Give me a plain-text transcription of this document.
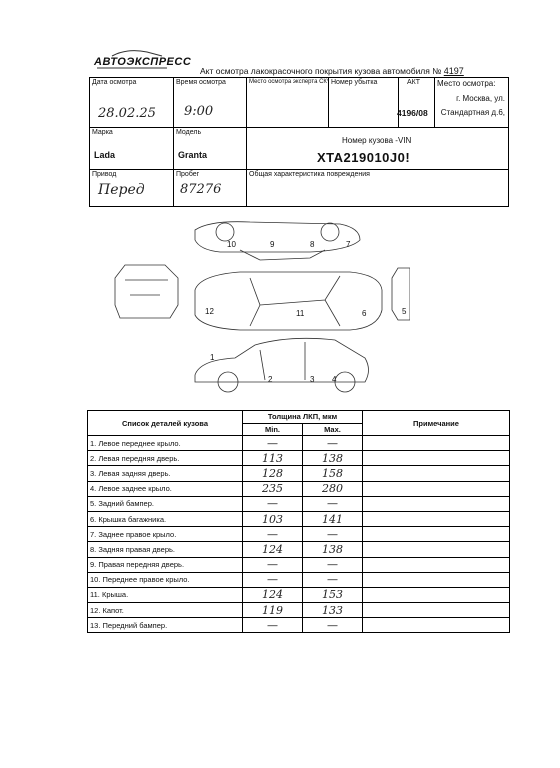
АВТОЭКСПРЕСС
Акт осмотра лакокрасочного покрытия кузова автомобиля № 4197
Дата осмотра
28.02.25
Время осмотра
9:00
Место осмотра эксперта СК* Номер убытка	АКТ
4196/08
Место осмотра:
г. Москва, ул. Стандартная д.6,
Марка
Lada
Модель
Granta
Номер кузова -VIN
XTA219010J0!
Привод
Перед
Пробег
87276
Общая характеристика повреждения
10	9	8	7
12	11	6	5
1
2	3 4
Список деталей кузова	Толщина ЛКП, мкм		Примечание
	Min.	Max.	
1. Левое переднее крыло.	—	—	
2. Левая передняя дверь.	113	138	
3. Левая задняя дверь.	128	158	
4. Левое заднее крыло.	235	280	
5. Задний бампер.	—	—	
6. Крышка багажника.	103	141	
7. Заднее правое крыло.	—	—	
8. Задняя правая дверь.	124	138	
9. Правая передняя дверь.	—	—	
10. Переднее правое крыло.	—	—	
11. Крыша.	124	153	
12. Капот.	119	133	
13. Передний бампер.	—	—	
